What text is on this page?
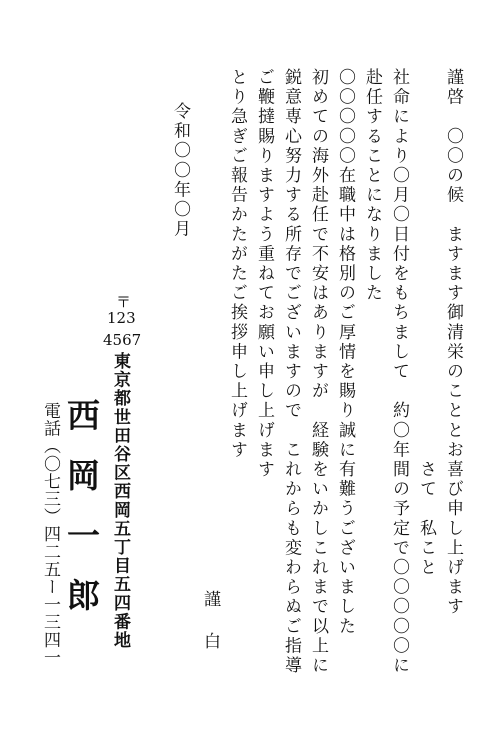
謹啓　〇〇の候　ますます御清栄のこととお喜び申し上げます
　　　　　　　　　　　　　　　　　　　　さて　私こと
社命により〇月〇日付をもちまして　約〇年間の予定で〇〇〇〇〇に
赴任することになりました
〇〇〇〇〇在職中は格別のご厚情を賜り誠に有難うございました
初めての海外赴任で不安はありますが　経験をいかしこれまで以上に
鋭意専心努力する所存でございますので　これからも変わらぬご指導
ご鞭撻賜りますよう重ねてお願い申し上げます
とり急ぎご報告かたがたご挨拶申し上げます
謹　白
令和〇〇年〇月
〒
123
4567
東京都世田谷区西岡五丁目五四番地
西岡一郎
電話（〇七三）四二五ー一三四一
